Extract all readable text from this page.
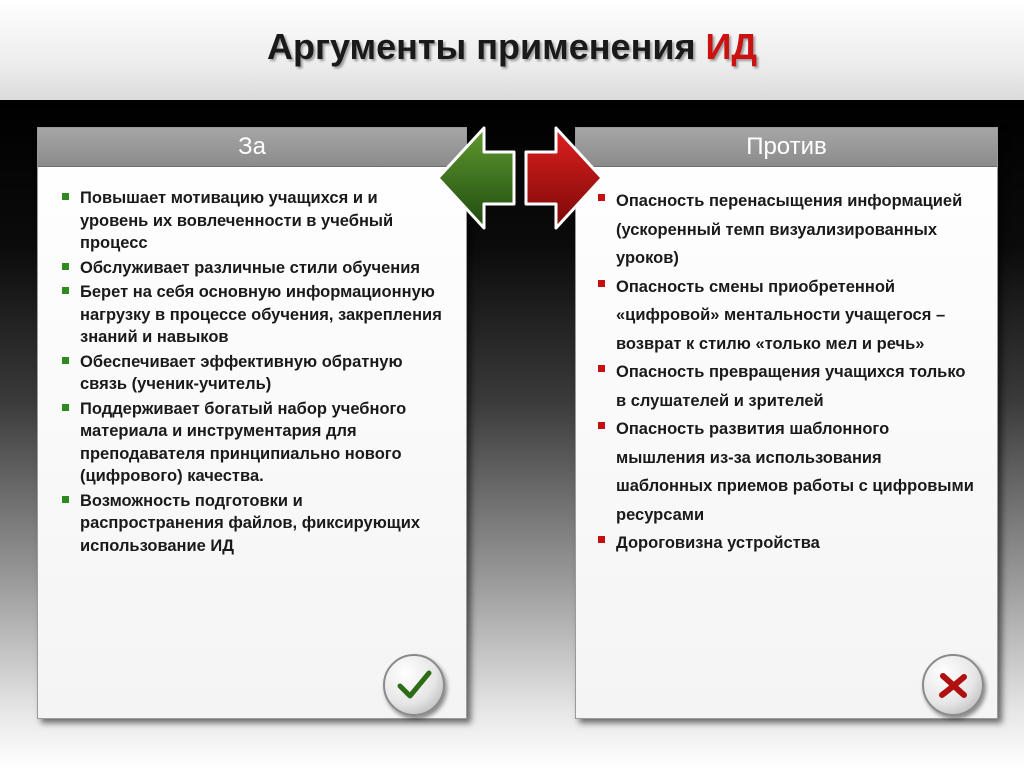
Аргументы применения ИД
За
Повышает мотивацию учащихся и и уровень их вовлеченности в учебный процесс
Обслуживает различные стили обучения
Берет на себя основную информационную нагрузку в процессе обучения, закрепления знаний и навыков
Обеспечивает эффективную обратную связь (ученик-учитель)
Поддерживает богатый набор учебного материала и инструментария для преподавателя принципиально нового (цифрового) качества.
Возможность подготовки и распространения файлов, фиксирующих использование ИД
Против
Опасность перенасыщения информацией (ускоренный темп визуализированных уроков)
Опасность смены приобретенной «цифровой» ментальности учащегося – возврат к стилю «только мел и речь»
Опасность превращения учащихся только в слушателей и зрителей
Опасность развития шаблонного мышления из-за использования шаблонных приемов работы с цифровыми ресурсами
Дороговизна устройства
